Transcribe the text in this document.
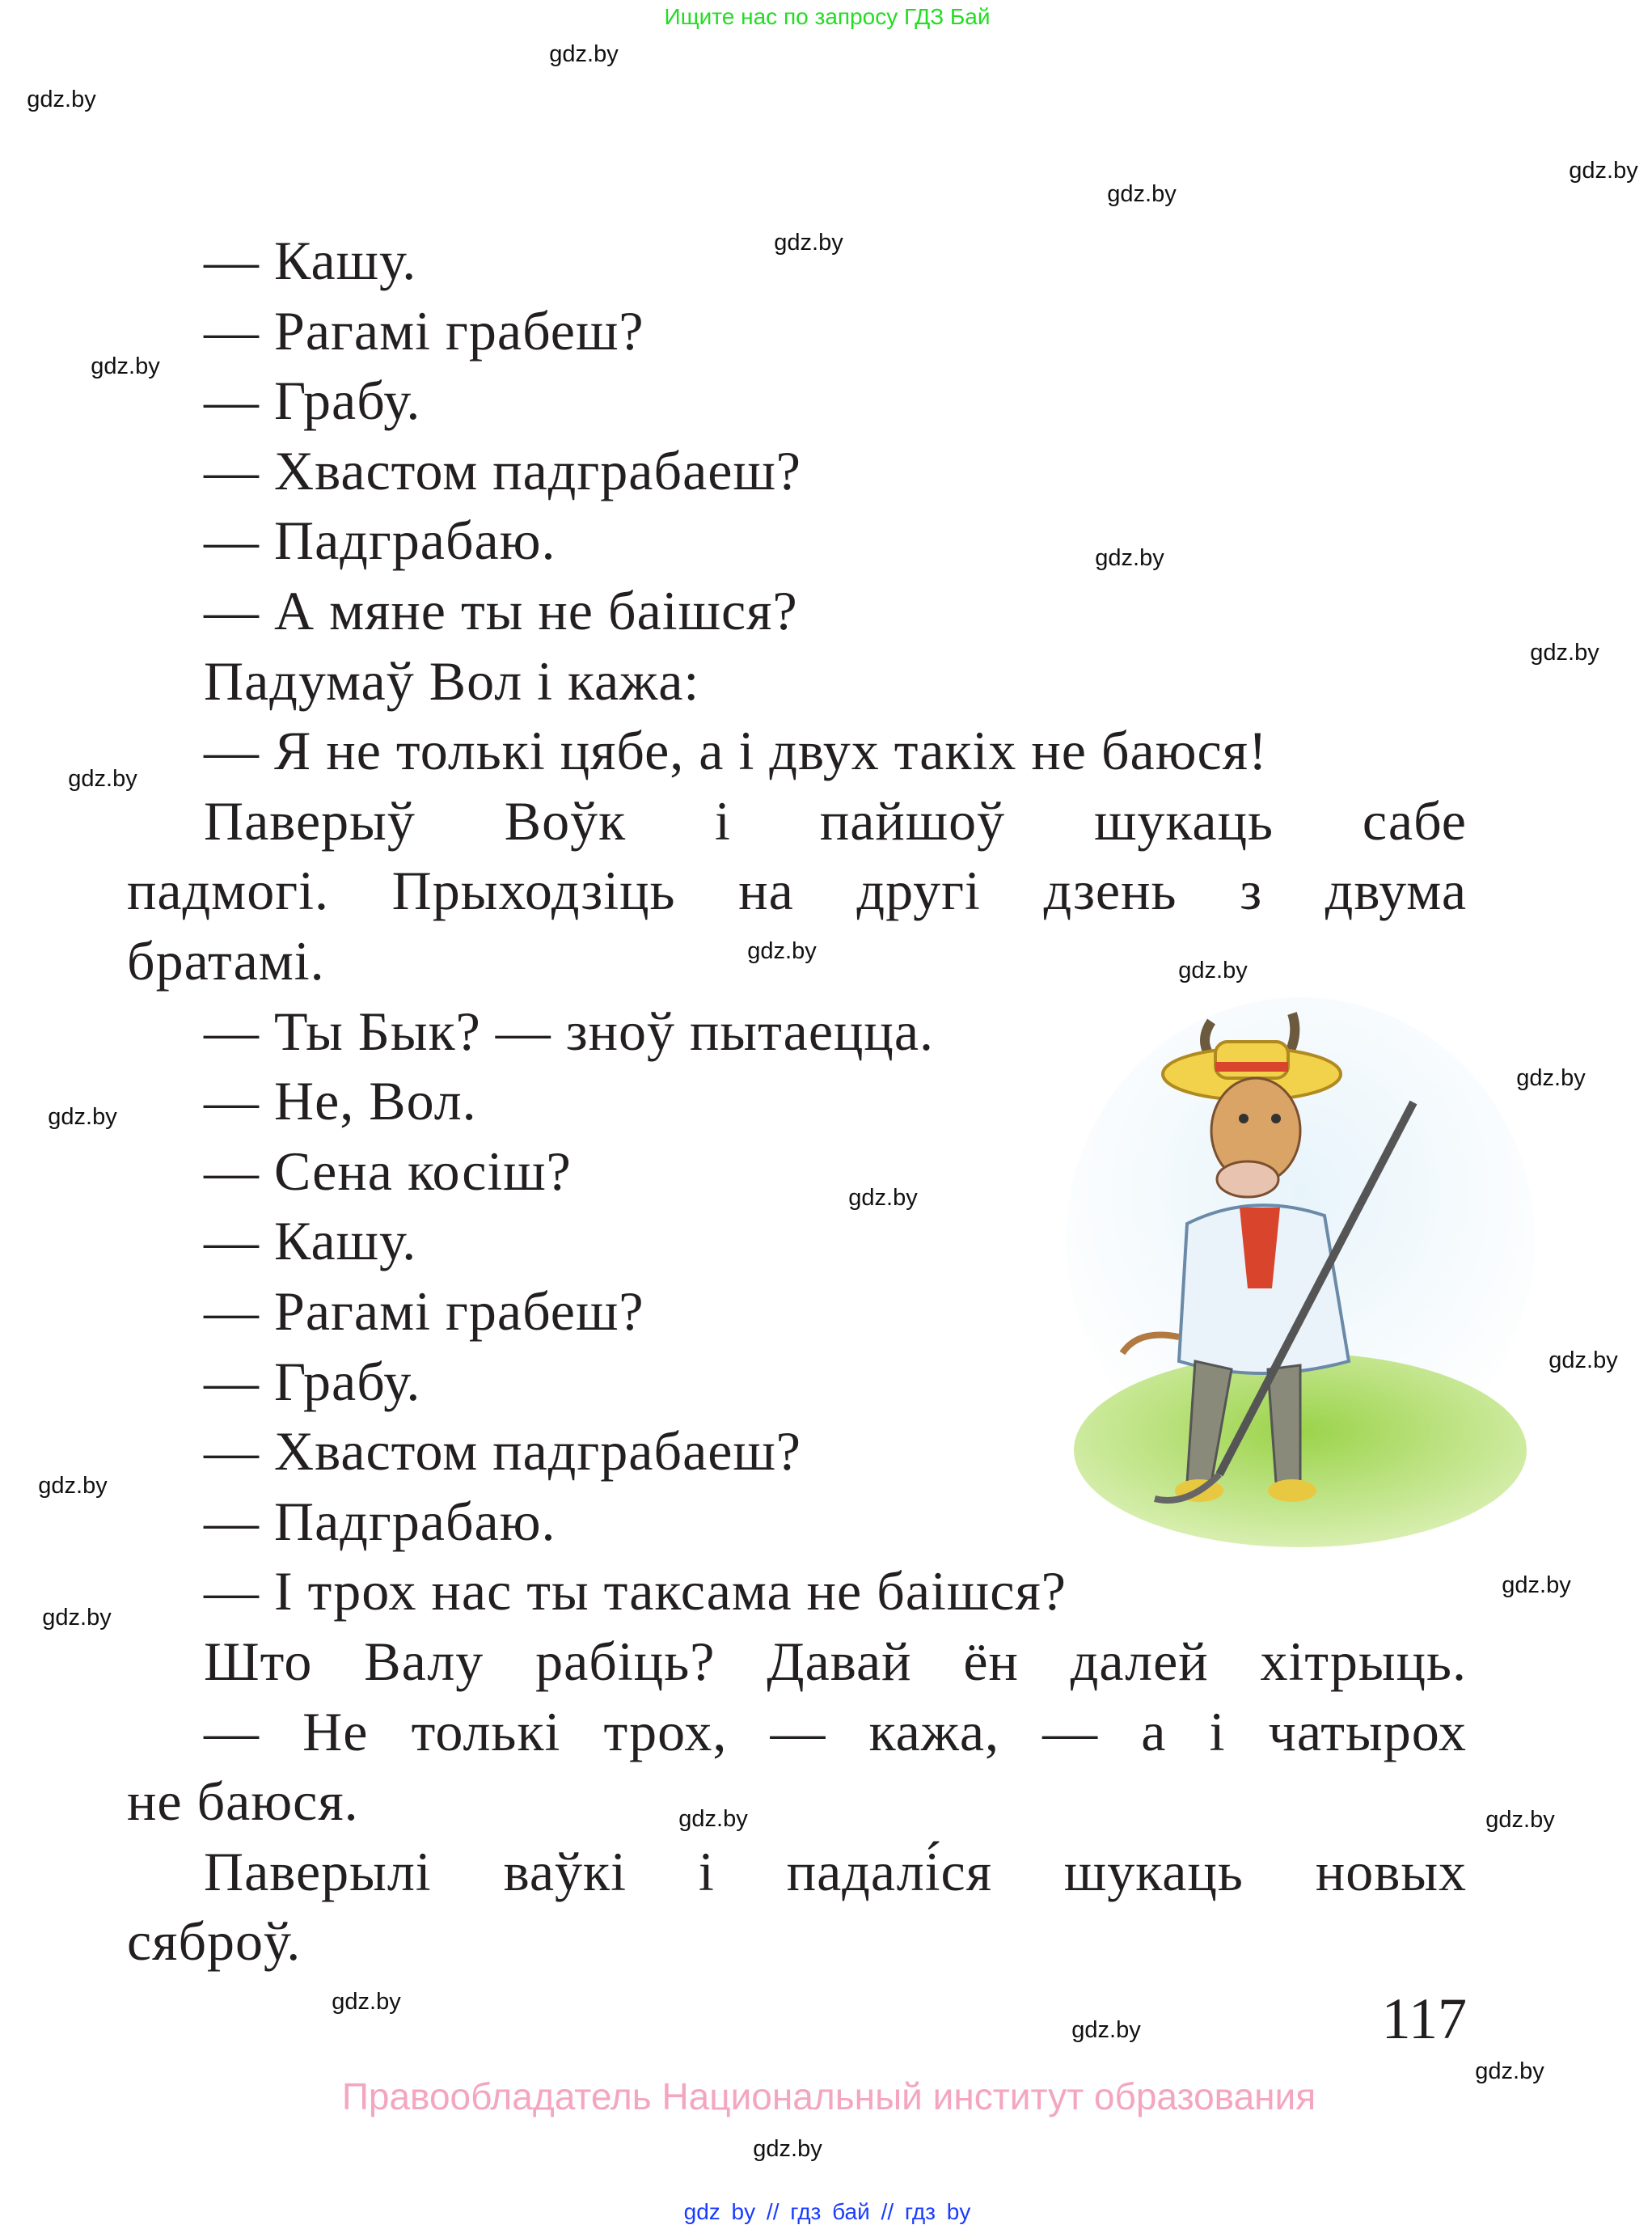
Ищите нас по запросу ГДЗ Бай
— Кашу.
— Рагамі грабеш?
— Грабу.
— Хвастом падграбаеш?
— Падграбаю.
— А мяне ты не баішся?
Падумаў Вол і кажа:
— Я не толькі цябе, а і двух такіх не баюся!
Паверыў Воўк і пайшоў шукаць сабе
падмогі. Прыходзіць на другі дзень з двума
братамі.
— Ты Бык? — зноў пытаецца.
— Не, Вол.
— Сена косіш?
— Кашу.
— Рагамі грабеш?
— Грабу.
— Хвастом падграбаеш?
— Падграбаю.
— І трох нас ты таксама не баішся?
Што Валу рабіць? Давай ён далей хітрыць.
— Не толькі трох, — кажа, — а і чатырох
не баюся.
Паверылі ваўкі і падалі́ся шукаць новых
сяброў.
117
Правообладатель Национальный институт образования
gdz by // гдз бай // гдз by
gdz.by
gdz.by
gdz.by
gdz.by
gdz.by
gdz.by
gdz.by
gdz.by
gdz.by
gdz.by
gdz.by
gdz.by
gdz.by
gdz.by
gdz.by
gdz.by
gdz.by
gdz.by
gdz.by
gdz.by
gdz.by
gdz.by
gdz.by
gdz.by
